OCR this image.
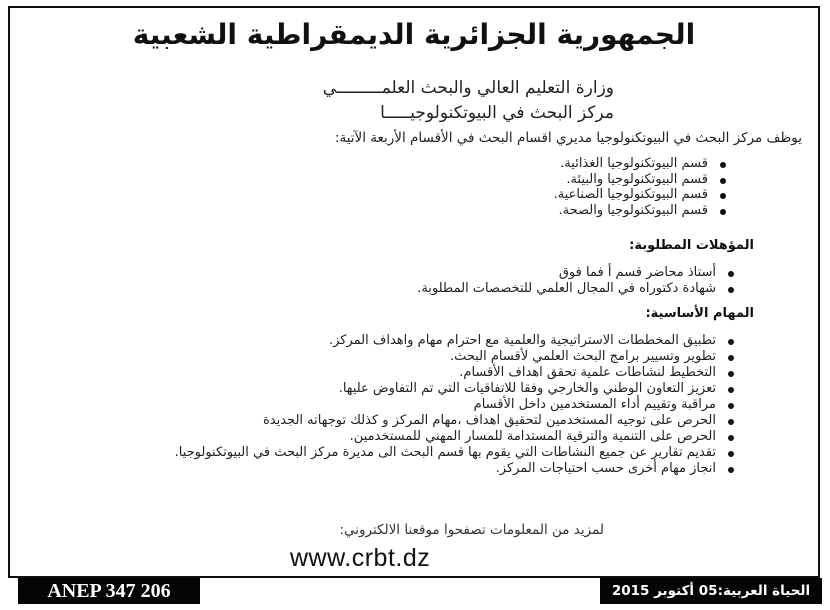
الجمهورية الجزائرية الديمقراطية الشعبية
وزارة التعليم العالي والبحث العلمـــــــــي
مركز البحث في البيوتكنولوجيـــــا
يوظف مركز البحث في البيوتكنولوجيا مديري اقسام البحث في الأقسام الأربعة الآتية:
قسم البيوتكنولوجيا الغذائية.
قسم البيوتكنولوجيا والبيئة.
قسم البيوتكنولوجيا الصناعية.
قسم البيوتكنولوجيا والصحة.
المؤهلات المطلوبة:
أستاذ محاضر قسم أ فما فوق
شهادة دكتوراه في المجال العلمي للتخصصات المطلوبة.
المهام الأساسية:
تطبيق المخططات الاستراتيجية والعلمية مع احترام مهام واهداف المركز.
تطوير وتسيير برامج البحث العلمي لأقسام البحث.
التخطيط لنشاطات علمية تحقق اهداف الأقسام.
تعزيز التعاون الوطني والخارجي وفقا للاتفاقيات التي تم التفاوض عليها.
مراقبة وتقييم أداء المستخدمين داخل الأقسام
الحرص على توجيه المستخدمين لتحقيق اهداف ،مهام المركز و كذلك توجهاته الجديدة
الحرص على التنمية والترقية المستدامة للمسار المهني للمستخدمين.
تقديم تقارير عن جميع النشاطات التي يقوم بها قسم البحث الى مديرة مركز البحث في البيوتكنولوجيا.
انجاز مهام أخرى حسب احتياجات المركز.
لمزيد من المعلومات تصفحوا موقعنا الالكتروني:
www.crbt.dz
ANEP 347 206	الحياة العربية:05 أكتوبر 2015
